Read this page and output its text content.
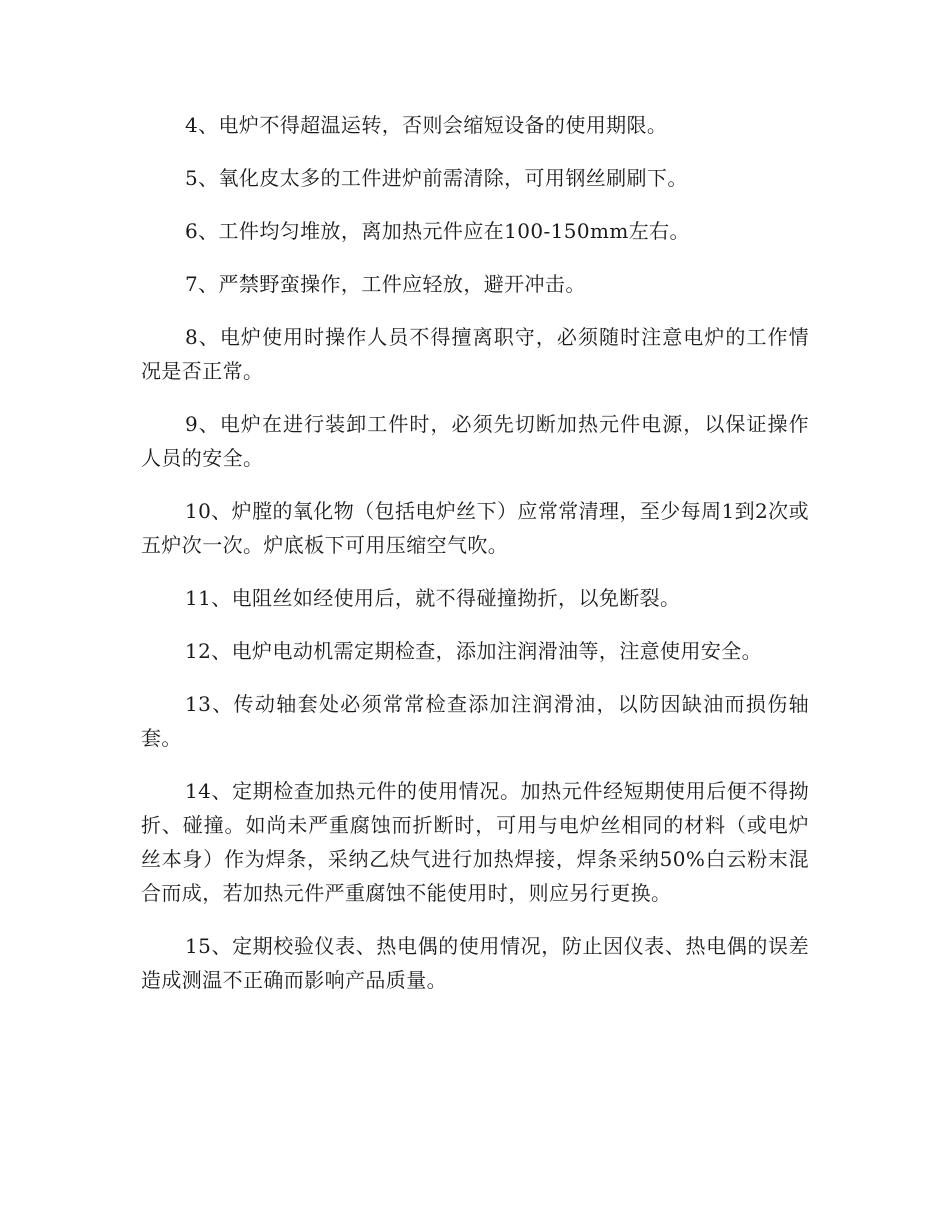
4、电炉不得超温运转，否则会缩短设备的使用期限。

5、氧化皮太多的工件进炉前需清除，可用钢丝刷刷下。

6、工件均匀堆放，离加热元件应在100-150mm左右。

7、严禁野蛮操作，工件应轻放，避开冲击。

8、电炉使用时操作人员不得擅离职守，必须随时注意电炉的工作情况是否正常。

9、电炉在进行装卸工件时，必须先切断加热元件电源，以保证操作人员的安全。

10、炉膛的氧化物（包括电炉丝下）应常常清理，至少每周1到2次或五炉次一次。炉底板下可用压缩空气吹。

11、电阻丝如经使用后，就不得碰撞拗折，以免断裂。

12、电炉电动机需定期检查，添加注润滑油等，注意使用安全。

13、传动轴套处必须常常检查添加注润滑油，以防因缺油而损伤轴套。

14、定期检查加热元件的使用情况。加热元件经短期使用后便不得拗折、碰撞。如尚未严重腐蚀而折断时，可用与电炉丝相同的材料（或电炉丝本身）作为焊条，采纳乙炔气进行加热焊接，焊条采纳50%白云粉末混合而成，若加热元件严重腐蚀不能使用时，则应另行更换。

15、定期校验仪表、热电偶的使用情况，防止因仪表、热电偶的误差造成测温不正确而影响产品质量。
